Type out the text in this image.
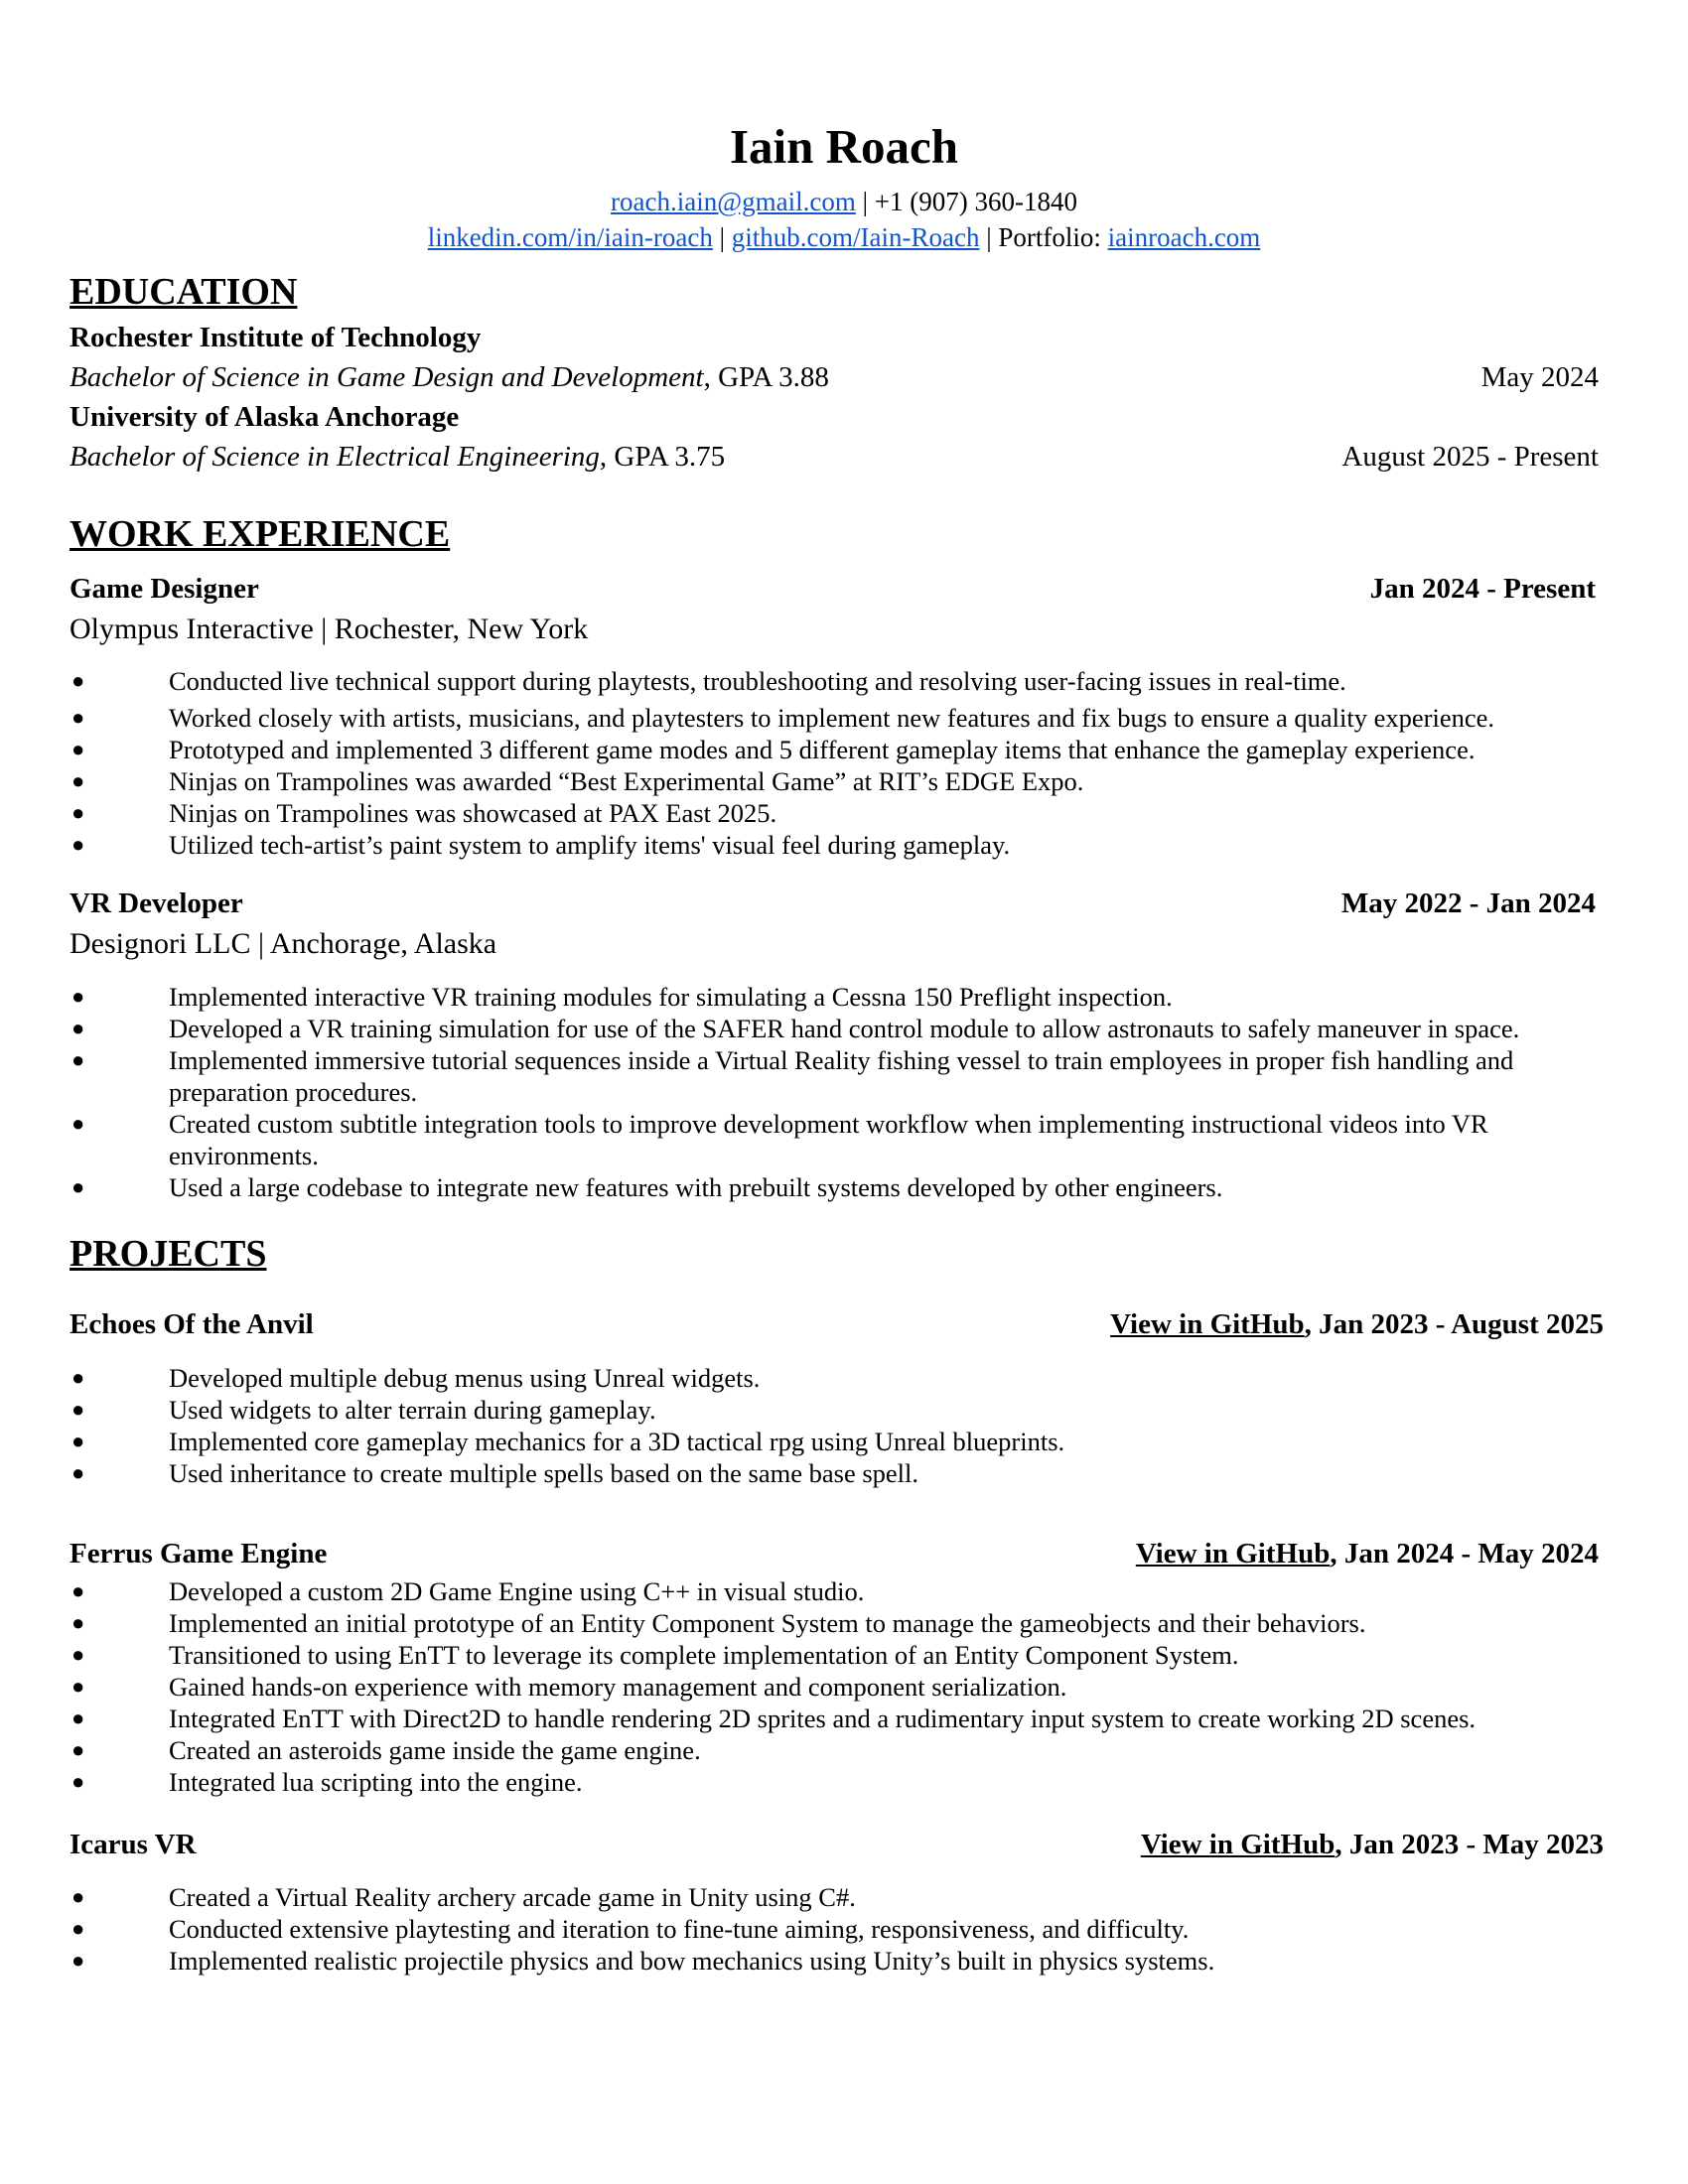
Iain Roach
roach.iain@gmail.com | +1 (907) 360-1840
linkedin.com/in/iain-roach | github.com/Iain-Roach | Portfolio: iainroach.com
EDUCATION
Rochester Institute of Technology
Bachelor of Science in Game Design and Development, GPA 3.88	May 2024
University of Alaska Anchorage
Bachelor of Science in Electrical Engineering, GPA 3.75	August 2025 - Present
WORK EXPERIENCE
Game Designer	Jan 2024 - Present
Olympus Interactive | Rochester, New York
●	Conducted live technical support during playtests, troubleshooting and resolving user-facing issues in real-time.
●	Worked closely with artists, musicians, and playtesters to implement new features and fix bugs to ensure a quality experience.
●	Prototyped and implemented 3 different game modes and 5 different gameplay items that enhance the gameplay experience.
●	Ninjas on Trampolines was awarded “Best Experimental Game” at RIT’s EDGE Expo.
●	Ninjas on Trampolines was showcased at PAX East 2025.
●	Utilized tech-artist’s paint system to amplify items' visual feel during gameplay.
VR Developer	May 2022 - Jan 2024
Designori LLC | Anchorage, Alaska
●	Implemented interactive VR training modules for simulating a Cessna 150 Preflight inspection.
●	Developed a VR training simulation for use of the SAFER hand control module to allow astronauts to safely maneuver in space.
●	Implemented immersive tutorial sequences inside a Virtual Reality fishing vessel to train employees in proper fish handling and preparation procedures.
●	Created custom subtitle integration tools to improve development workflow when implementing instructional videos into VR environments.
●	Used a large codebase to integrate new features with prebuilt systems developed by other engineers.
PROJECTS
Echoes Of the Anvil	View in GitHub, Jan 2023 - August 2025
●	Developed multiple debug menus using Unreal widgets.
●	Used widgets to alter terrain during gameplay.
●	Implemented core gameplay mechanics for a 3D tactical rpg using Unreal blueprints.
●	Used inheritance to create multiple spells based on the same base spell.
Ferrus Game Engine	View in GitHub, Jan 2024 - May 2024
●	Developed a custom 2D Game Engine using C++ in visual studio.
●	Implemented an initial prototype of an Entity Component System to manage the gameobjects and their behaviors.
●	Transitioned to using EnTT to leverage its complete implementation of an Entity Component System.
●	Gained hands-on experience with memory management and component serialization.
●	Integrated EnTT with Direct2D to handle rendering 2D sprites and a rudimentary input system to create working 2D scenes.
●	Created an asteroids game inside the game engine.
●	Integrated lua scripting into the engine.
Icarus VR	View in GitHub, Jan 2023 - May 2023
●	Created a Virtual Reality archery arcade game in Unity using C#.
●	Conducted extensive playtesting and iteration to fine-tune aiming, responsiveness, and difficulty.
●	Implemented realistic projectile physics and bow mechanics using Unity’s built in physics systems.
